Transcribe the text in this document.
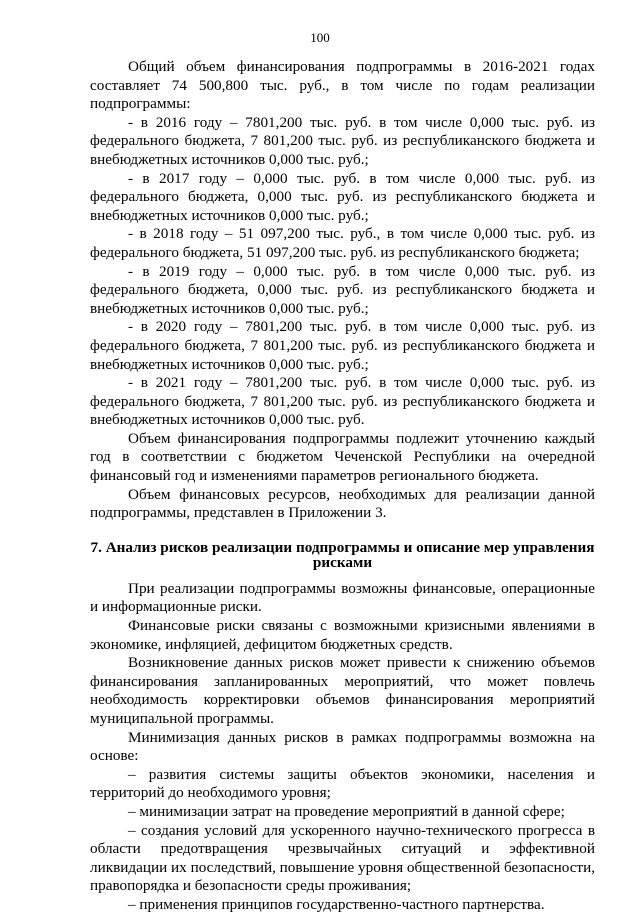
100

Общий объем финансирования подпрограммы в 2016-2021 годах составляет 74 500,800 тыс. руб., в том числе по годам реализации подпрограммы:

- в 2016 году – 7801,200 тыс. руб. в том числе 0,000 тыс. руб. из федерального бюджета, 7 801,200 тыс. руб. из республиканского бюджета и внебюджетных источников 0,000 тыс. руб.;

- в 2017 году – 0,000 тыс. руб. в том числе 0,000 тыс. руб. из федерального бюджета, 0,000 тыс. руб. из республиканского бюджета и внебюджетных источников 0,000 тыс. руб.;

- в 2018 году – 51 097,200 тыс. руб., в том числе 0,000 тыс. руб. из федерального бюджета, 51 097,200 тыс. руб. из республиканского бюджета;

- в 2019 году – 0,000 тыс. руб. в том числе 0,000 тыс. руб. из федерального бюджета, 0,000 тыс. руб. из республиканского бюджета и внебюджетных источников 0,000 тыс. руб.;

- в 2020 году – 7801,200 тыс. руб. в том числе 0,000 тыс. руб. из федерального бюджета, 7 801,200 тыс. руб. из республиканского бюджета и внебюджетных источников 0,000 тыс. руб.;

- в 2021 году – 7801,200 тыс. руб. в том числе 0,000 тыс. руб. из федерального бюджета, 7 801,200 тыс. руб. из республиканского бюджета и внебюджетных источников 0,000 тыс. руб.

Объем финансирования подпрограммы подлежит уточнению каждый год в соответствии с бюджетом Чеченской Республики на очередной финансовый год и изменениями параметров регионального бюджета.

Объем финансовых ресурсов, необходимых для реализации данной подпрограммы, представлен в Приложении 3.

7. Анализ рисков реализации подпрограммы и описание мер управления рисками

При реализации подпрограммы возможны финансовые, операционные и информационные риски.

Финансовые риски связаны с возможными кризисными явлениями в экономике, инфляцией, дефицитом бюджетных средств.

Возникновение данных рисков может привести к снижению объемов финансирования запланированных мероприятий, что может повлечь необходимость корректировки объемов финансирования мероприятий муниципальной программы.

Минимизация данных рисков в рамках подпрограммы возможна на основе:

– развития системы защиты объектов экономики, населения и территорий до необходимого уровня;

– минимизации затрат на проведение мероприятий в данной сфере;

– создания условий для ускоренного научно-технического прогресса в области предотвращения чрезвычайных ситуаций и эффективной ликвидации их последствий, повышение уровня общественной безопасности, правопорядка и безопасности среды проживания;

– применения принципов государственно-частного партнерства.
